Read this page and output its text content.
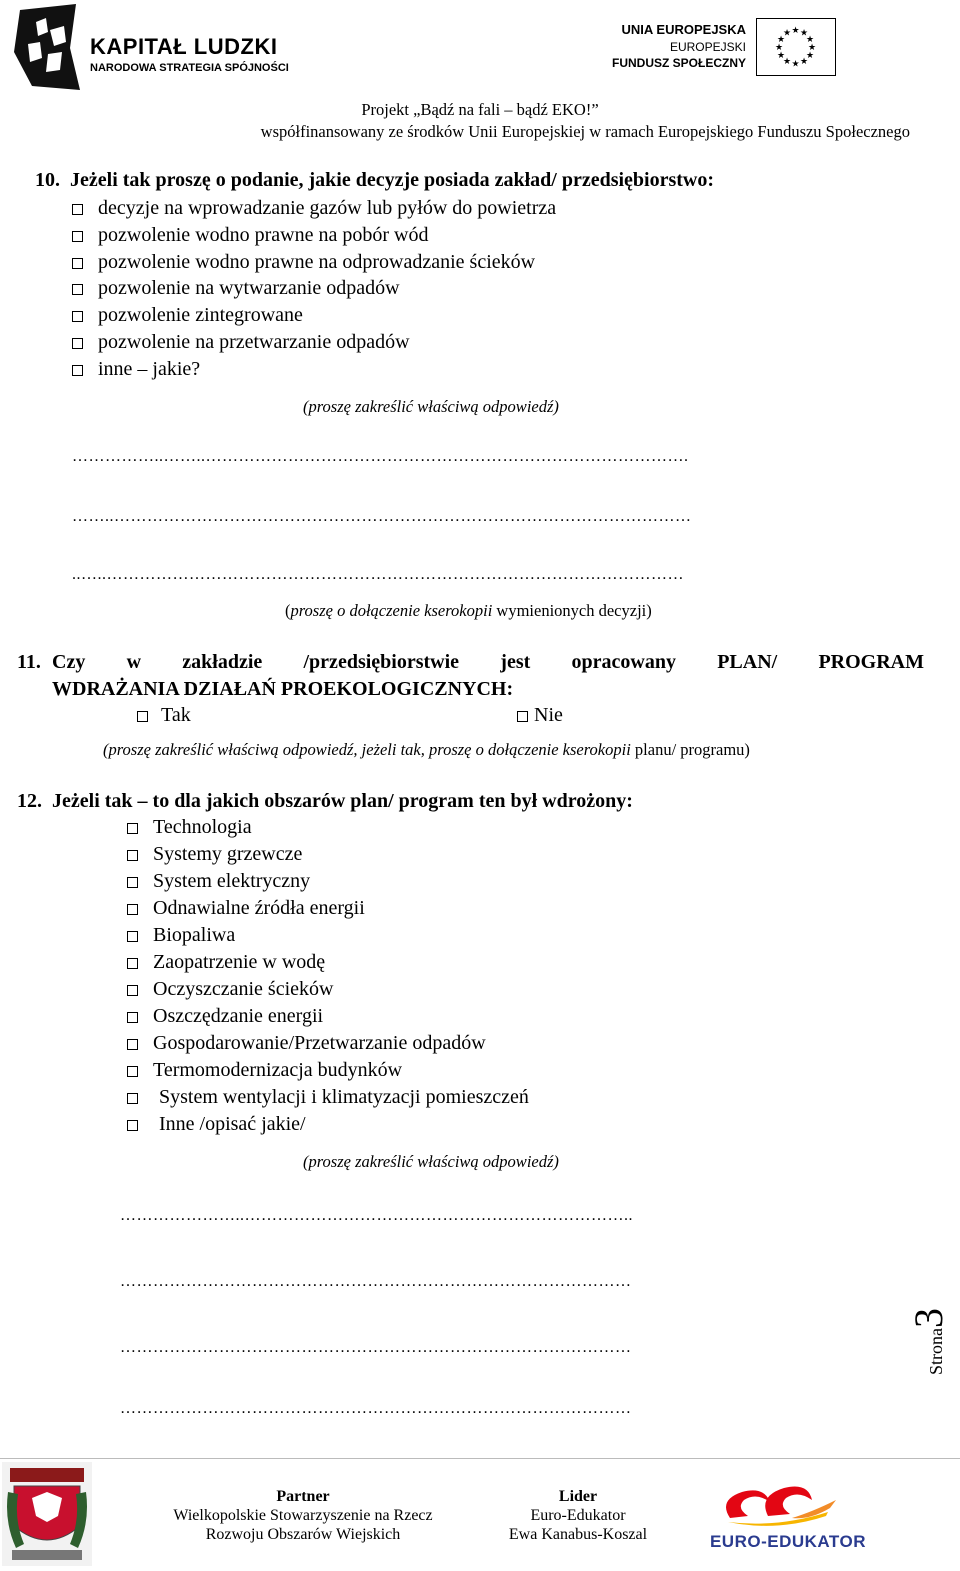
KAPITAŁ LUDZKI
NARODOWA STRATEGIA SPÓJNOŚCI
UNIA EUROPEJSKA
EUROPEJSKI
FUNDUSZ SPOŁECZNY
★ ★
★
★
★
★
★
★
★
★
★
★
Projekt „Bądź na fali – bądź EKO!”
współfinansowany ze środków Unii Europejskiej w ramach Europejskiego Funduszu Społecznego
10. Jeżeli tak proszę o podanie, jakie decyzje posiada zakład/ przedsiębiorstwo:
decyzje na wprowadzanie gazów lub pyłów do powietrza
pozwolenie wodno prawne na pobór wód
pozwolenie wodno prawne na odprowadzanie ścieków
pozwolenie na wytwarzanie odpadów
pozwolenie zintegrowane
pozwolenie na przetwarzanie odpadów
inne – jakie?
(proszę zakreślić właściwą odpowiedź)
……………..……..…………………………………………………………………………….
……..……………………………………………………………………………………………
..…..……………………………………………………………………………………………
(proszę o dołączenie kserokopii wymienionych decyzji)
11. Czy w zakładzie /przedsiębiorstwie jest opracowany PLAN/ PROGRAM
WDRAŻANIA DZIAŁAŃ PROEKOLOGICZNYCH:
Tak	Nie
(proszę zakreślić właściwą odpowiedź, jeżeli tak, proszę o dołączenie kserokopii planu/ programu)
12. Jeżeli tak – to dla jakich obszarów plan/ program ten był wdrożony:
Technologia
Systemy grzewcze
System elektryczny
Odnawialne źródła energii
Biopaliwa
Zaopatrzenie w wodę
Oczyszczanie ścieków
Oszczędzanie energii
Gospodarowanie/Przetwarzanie odpadów
Termomodernizacja budynków
System wentylacji i klimatyzacji pomieszczeń
Inne /opisać jakie/
(proszę zakreślić właściwą odpowiedź)
…………………..……………………………………………………………..
…………………………………………………………………………………
…………………………………………………………………………………
…………………………………………………………………………………
Strona3
Partner
Wielkopolskie Stowarzyszenie na Rzecz
Rozwoju Obszarów Wiejskich
Lider
Euro-Edukator
Ewa Kanabus-Koszal	EURO-EDUKATOR
